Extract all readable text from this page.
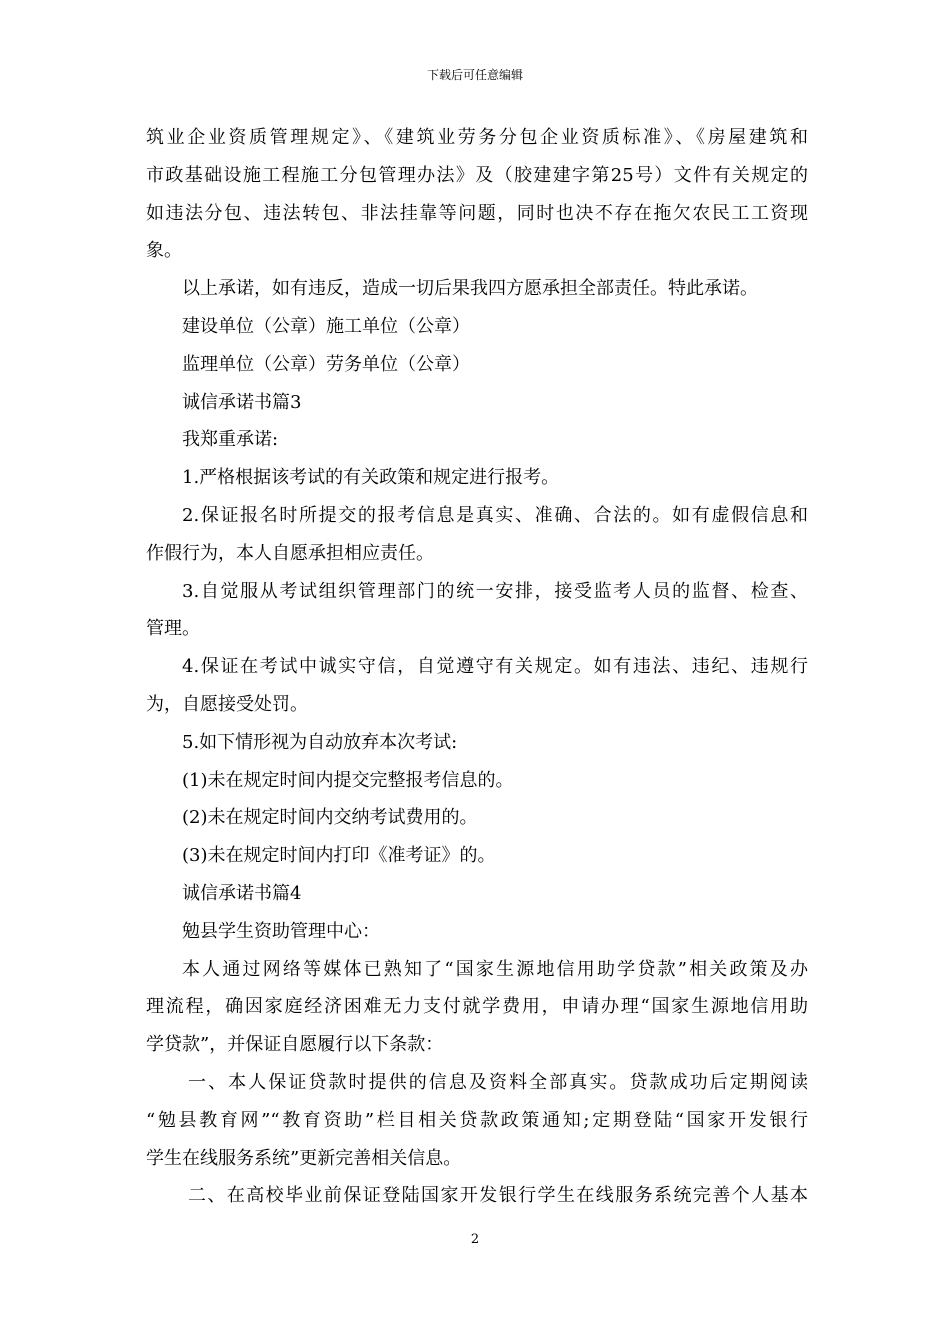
下载后可任意编辑
筑业企业资质管理规定》、《建筑业劳务分包企业资质标准》、《房屋建筑和
市政基础设施工程施工分包管理办法》及（胶建建字第25号）文件有关规定的
如违法分包、违法转包、非法挂靠等问题，同时也决不存在拖欠农民工工资现
象。
以上承诺，如有违反，造成一切后果我四方愿承担全部责任。特此承诺。
建设单位（公章）施工单位（公章）
监理单位（公章）劳务单位（公章）
诚信承诺书篇3
我郑重承诺:
1.严格根据该考试的有关政策和规定进行报考。
2.保证报名时所提交的报考信息是真实、准确、合法的。如有虚假信息和
作假行为，本人自愿承担相应责任。
3.自觉服从考试组织管理部门的统一安排，接受监考人员的监督、检查、
管理。
4.保证在考试中诚实守信，自觉遵守有关规定。如有违法、违纪、违规行
为，自愿接受处罚。
5.如下情形视为自动放弃本次考试:
(1)未在规定时间内提交完整报考信息的。
(2)未在规定时间内交纳考试费用的。
(3)未在规定时间内打印《准考证》的。
诚信承诺书篇4
勉县学生资助管理中心：
本人通过网络等媒体已熟知了“国家生源地信用助学贷款”相关政策及办
理流程，确因家庭经济困难无力支付就学费用，申请办理“国家生源地信用助
学贷款”，并保证自愿履行以下条款：
一、本人保证贷款时提供的信息及资料全部真实。贷款成功后定期阅读
“勉县教育网”“教育资助”栏目相关贷款政策通知;定期登陆“国家开发银行
学生在线服务系统”更新完善相关信息。
二、在高校毕业前保证登陆国家开发银行学生在线服务系统完善个人基本
2
